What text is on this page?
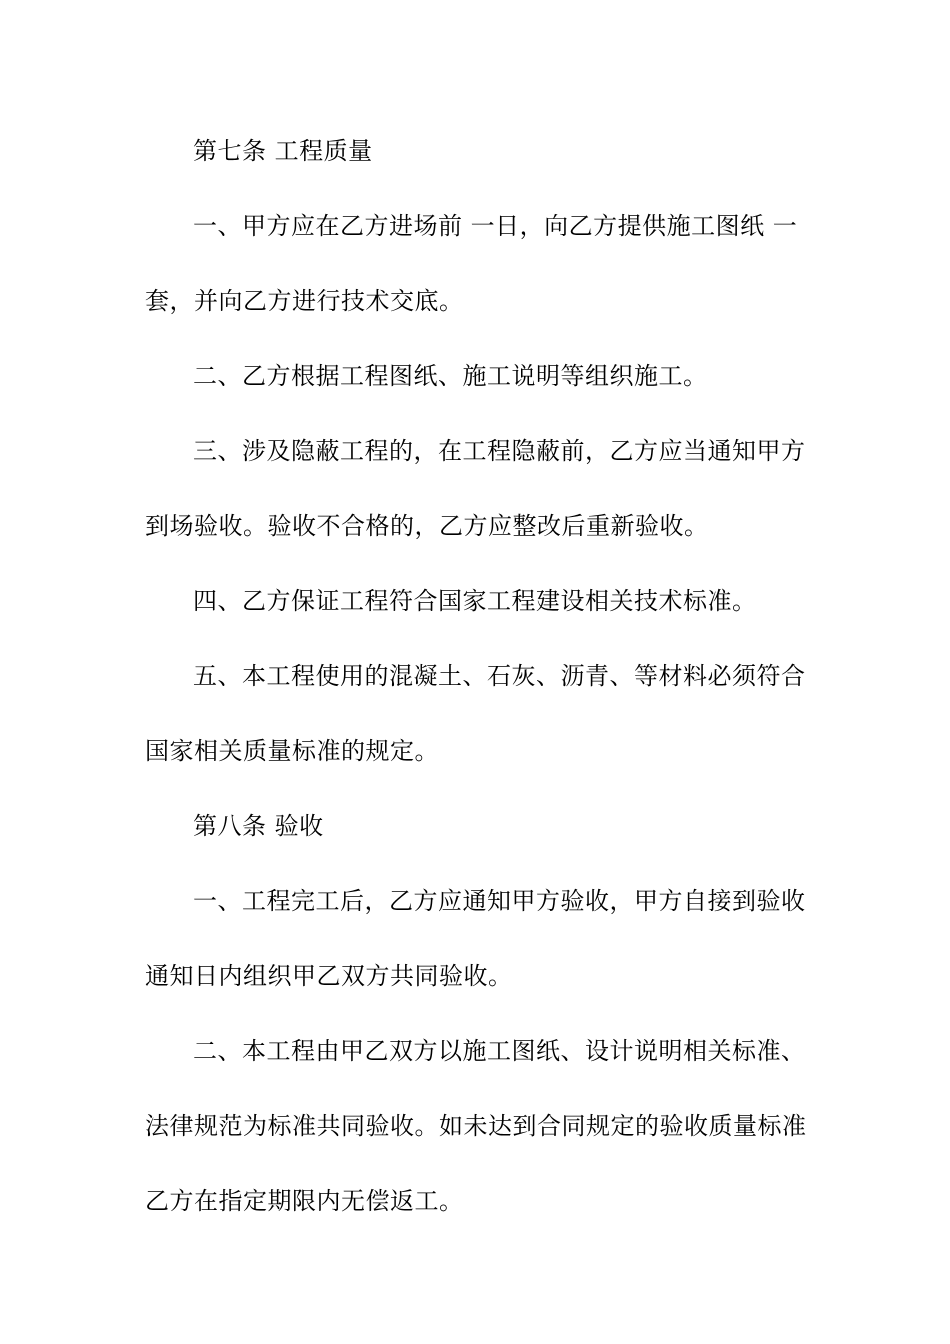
第七条 工程质量
一、甲方应在乙方进场前 一日，向乙方提供施工图纸 一
套，并向乙方进行技术交底。
二、乙方根据工程图纸、施工说明等组织施工。
三、涉及隐蔽工程的，在工程隐蔽前，乙方应当通知甲方
到场验收。验收不合格的，乙方应整改后重新验收。
四、乙方保证工程符合国家工程建设相关技术标准。
五、本工程使用的混凝土、石灰、沥青、等材料必须符合
国家相关质量标准的规定。
第八条 验收
一、工程完工后，乙方应通知甲方验收，甲方自接到验收
通知日内组织甲乙双方共同验收。
二、本工程由甲乙双方以施工图纸、设计说明相关标准、
法律规范为标准共同验收。如未达到合同规定的验收质量标准
乙方在指定期限内无偿返工。
